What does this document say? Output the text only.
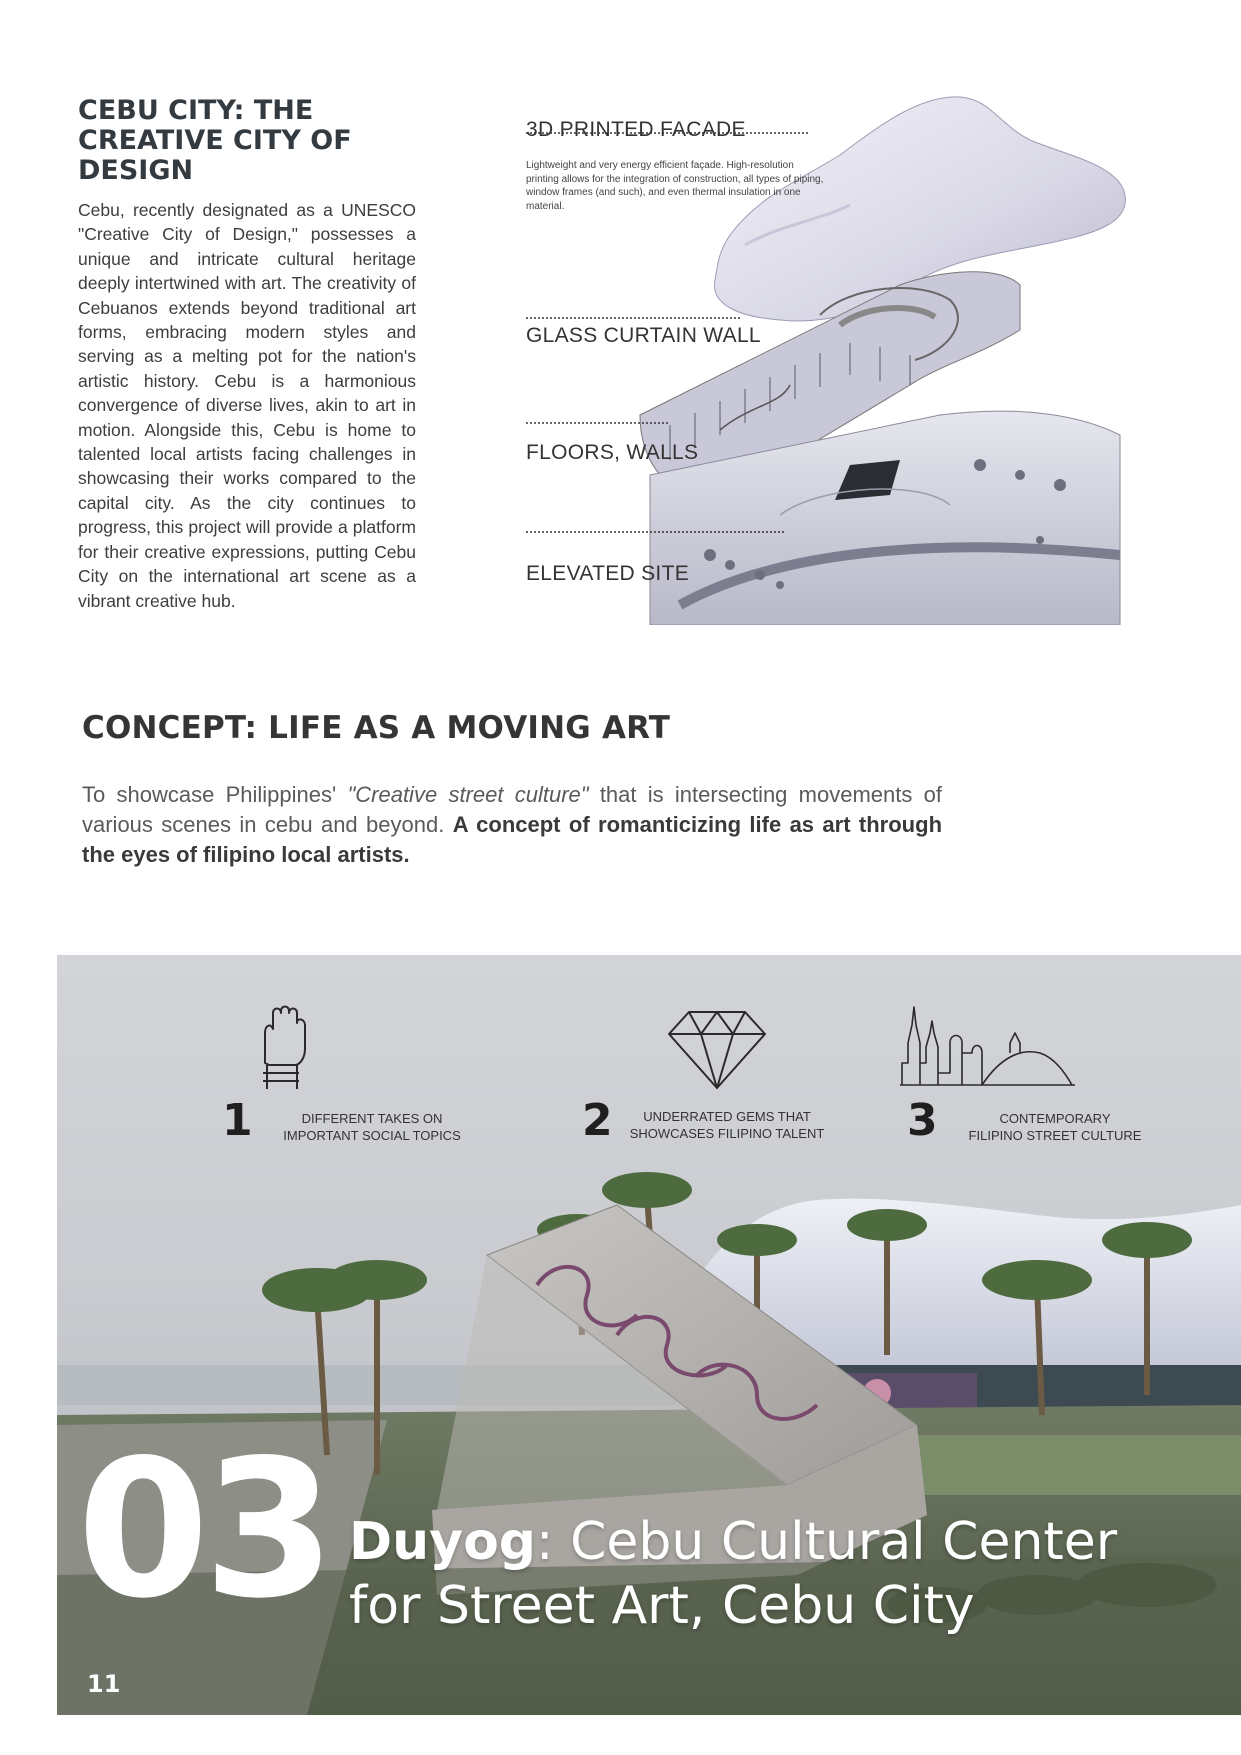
CEBU CITY: THE CREATIVE CITY OF DESIGN

Cebu, recently designated as a UNESCO "Creative City of Design," possesses a unique and intricate cultural heritage deeply intertwined with art. The creativity of Cebuanos extends beyond traditional art forms, embracing modern styles and serving as a melting pot for the nation's artistic history. Cebu is a harmonious convergence of diverse lives, akin to art in motion. Alongside this, Cebu is home to talented local artists facing challenges in showcasing their works compared to the capital city. As the city continues to progress, this project will provide a platform for their creative expressions, putting Cebu City on the international art scene as a vibrant creative hub.

3D PRINTED FACADE
Lightweight and very energy efficient façade. High-resolution printing allows for the integration of construction, all types of piping, window frames (and such), and even thermal insulation in one material.
GLASS CURTAIN WALL
FLOORS, WALLS
ELEVATED SITE
CONCEPT: LIFE AS A MOVING ART

To showcase Philippines' "Creative street culture" that is intersecting movements of various scenes in cebu and beyond. A concept of romanticizing life as art through the eyes of filipino local artists.

1	DIFFERENT TAKES ON
IMPORTANT SOCIAL TOPICS	2	UNDERRATED GEMS THAT
SHOWCASES FILIPINO TALENT 3	CONTEMPORARY
FILIPINO STREET CULTURE
03 Duyog: Cebu Cultural Center
for Street Art, Cebu City
11
